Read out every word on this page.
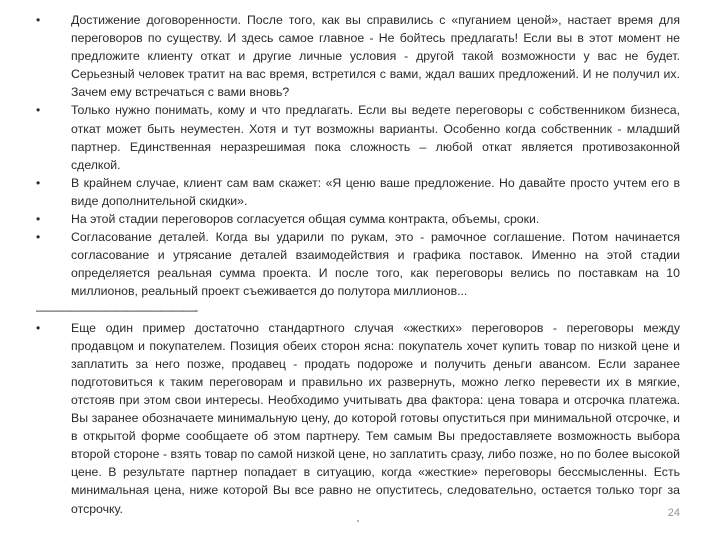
•	Достижение договоренности. После того, как вы справились с «пуганием ценой», настает время для переговоров по существу. И здесь самое главное - Не бойтесь предлагать! Если вы в этот момент не предложите клиенту откат и другие личные условия - другой такой возможности у вас не будет. Серьезный человек тратит на вас время, встретился с вами, ждал ваших предложений. И не получил их. Зачем ему встречаться с вами вновь?

•	Только нужно понимать, кому и что предлагать. Если вы ведете переговоры с собственником бизнеса, откат может быть неуместен. Хотя и тут возможны варианты. Особенно когда собственник - младший партнер. Единственная неразрешимая пока сложность – любой откат является противозаконной сделкой.

•	В крайнем случае, клиент сам вам скажет: «Я ценю ваше предложение. Но давайте просто учтем его в виде дополнительной скидки».

•	На этой стадии переговоров согласуется общая сумма контракта, объемы, сроки.

•	Согласование деталей. Когда вы ударили по рукам, это - рамочное соглашение. Потом начинается согласование и утрясание деталей взаимодействия и графика поставок. Именно на этой стадии определяется реальная сумма проекта. И после того, как переговоры велись по поставкам на 10 миллионов, реальный проект съеживается до полутора миллионов...

——————————————-

•	Еще один пример достаточно стандартного случая «жестких» переговоров - переговоры между продавцом и покупателем. Позиция обеих сторон ясна: покупатель хочет купить товар по низкой цене и заплатить за него позже, продавец - продать подороже и получить деньги авансом. Если заранее подготовиться к таким переговорам и правильно их развернуть, можно легко перевести их в мягкие, отстояв при этом свои интересы. Необходимо учитывать два фактора: цена товара и отсрочка платежа. Вы заранее обозначаете минимальную цену, до которой готовы опуститься при минимальной отсрочке, и в открытой форме сообщаете об этом партнеру. Тем самым Вы предоставляете возможность выбора второй стороне - взять товар по самой низкой цене, но заплатить сразу, либо позже, но по более высокой цене. В результате партнер попадает в ситуацию, когда «жесткие» переговоры бессмысленны. Есть минимальная цена, ниже которой Вы все равно не опуститесь, следовательно, остается только торг за отсрочку.	24
